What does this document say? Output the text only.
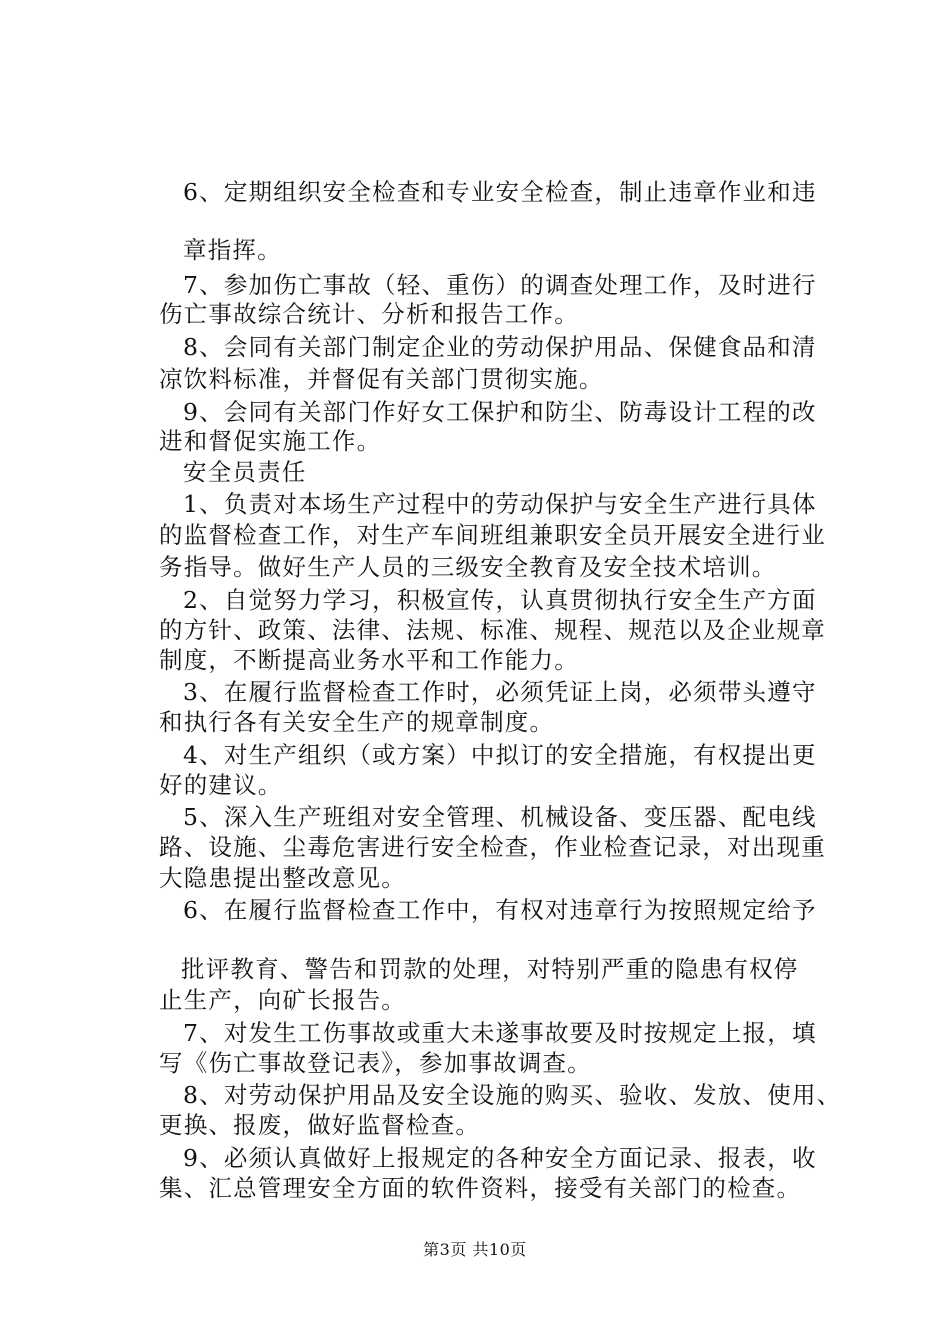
6、定期组织安全检查和专业安全检查，制止违章作业和违
章指挥。
7、参加伤亡事故（轻、重伤）的调查处理工作，及时进行
伤亡事故综合统计、分析和报告工作。
8、会同有关部门制定企业的劳动保护用品、保健食品和清
凉饮料标准，并督促有关部门贯彻实施。
9、会同有关部门作好女工保护和防尘、防毒设计工程的改
进和督促实施工作。
安全员责任
1、负责对本场生产过程中的劳动保护与安全生产进行具体
的监督检查工作，对生产车间班组兼职安全员开展安全进行业
务指导。做好生产人员的三级安全教育及安全技术培训。
2、自觉努力学习，积极宣传，认真贯彻执行安全生产方面
的方针、政策、法律、法规、标准、规程、规范以及企业规章
制度，不断提高业务水平和工作能力。
3、在履行监督检查工作时，必须凭证上岗，必须带头遵守
和执行各有关安全生产的规章制度。
4、对生产组织（或方案）中拟订的安全措施，有权提出更
好的建议。
5、深入生产班组对安全管理、机械设备、变压器、配电线
路、设施、尘毒危害进行安全检查，作业检查记录，对出现重
大隐患提出整改意见。
6、在履行监督检查工作中，有权对违章行为按照规定给予
批评教育、警告和罚款的处理，对特别严重的隐患有权停
止生产，向矿长报告。
7、对发生工伤事故或重大未遂事故要及时按规定上报，填
写《伤亡事故登记表》，参加事故调查。
8、对劳动保护用品及安全设施的购买、验收、发放、使用、
更换、报废，做好监督检查。
9、必须认真做好上报规定的各种安全方面记录、报表，收
集、汇总管理安全方面的软件资料，接受有关部门的检查。
第3页 共10页
